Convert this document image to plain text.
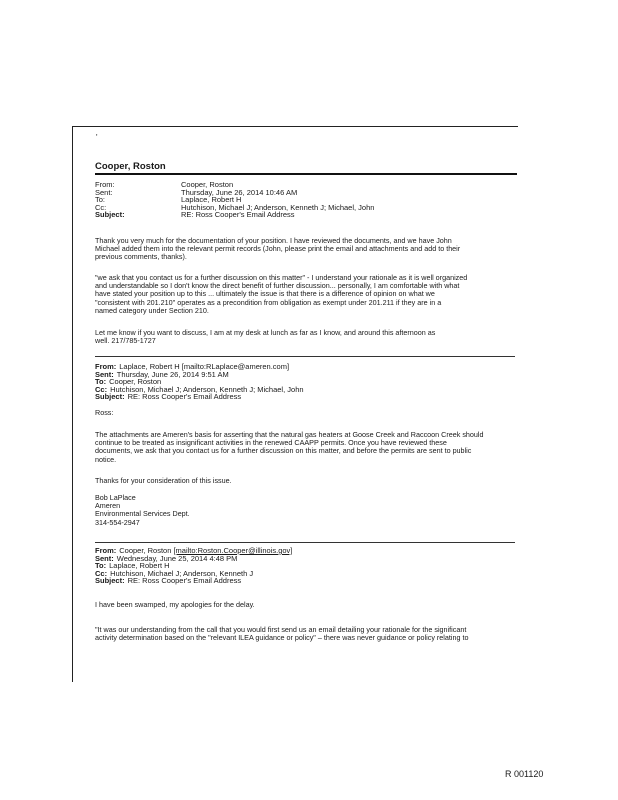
'
Cooper, Roston
From:	Cooper, Roston
Sent:	Thursday, June 26, 2014 10:46 AM
To:	Laplace, Robert H
Cc:	Hutchison, Michael J; Anderson, Kenneth J; Michael, John
Subject:	RE: Ross Cooper's Email Address
Thank you very much for the documentation of your position. I have reviewed the documents, and we have John
Michael added them into the relevant permit records (John, please print the email and attachments and add to their
previous comments, thanks).
"we ask that you contact us for a further discussion on this matter" - I understand your rationale as it is well organized
and understandable so I don't know the direct benefit of further discussion... personally, I am comfortable with what
have stated your position up to this ... ultimately the issue is that there is a difference of opinion on what we
"consistent with 201.210" operates as a precondition from obligation as exempt under 201.211 if they are in a
named category under Section 210.
Let me know if you want to discuss, I am at my desk at lunch as far as I know, and around this afternoon as
well. 217/785-1727
From: Laplace, Robert H [mailto:RLaplace@ameren.com]
Sent: Thursday, June 26, 2014 9:51 AM
To: Cooper, Roston
Cc: Hutchison, Michael J; Anderson, Kenneth J; Michael, John
Subject: RE: Ross Cooper's Email Address
Ross:
The attachments are Ameren's basis for asserting that the natural gas heaters at Goose Creek and Raccoon Creek should
continue to be treated as insignificant activities in the renewed CAAPP permits. Once you have reviewed these
documents, we ask that you contact us for a further discussion on this matter, and before the permits are sent to public
notice.
Thanks for your consideration of this issue.
Bob LaPlace
Ameren
Environmental Services Dept.
314-554-2947
From: Cooper, Roston [mailto:Roston.Cooper@illinois.gov]
Sent: Wednesday, June 25, 2014 4:48 PM
To: Laplace, Robert H
Cc: Hutchison, Michael J; Anderson, Kenneth J
Subject: RE: Ross Cooper's Email Address
I have been swamped, my apologies for the delay.
"It was our understanding from the call that you would first send us an email detailing your rationale for the significant
activity determination based on the "relevant ILEA guidance or policy" – there was never guidance or policy relating to
R 001120
